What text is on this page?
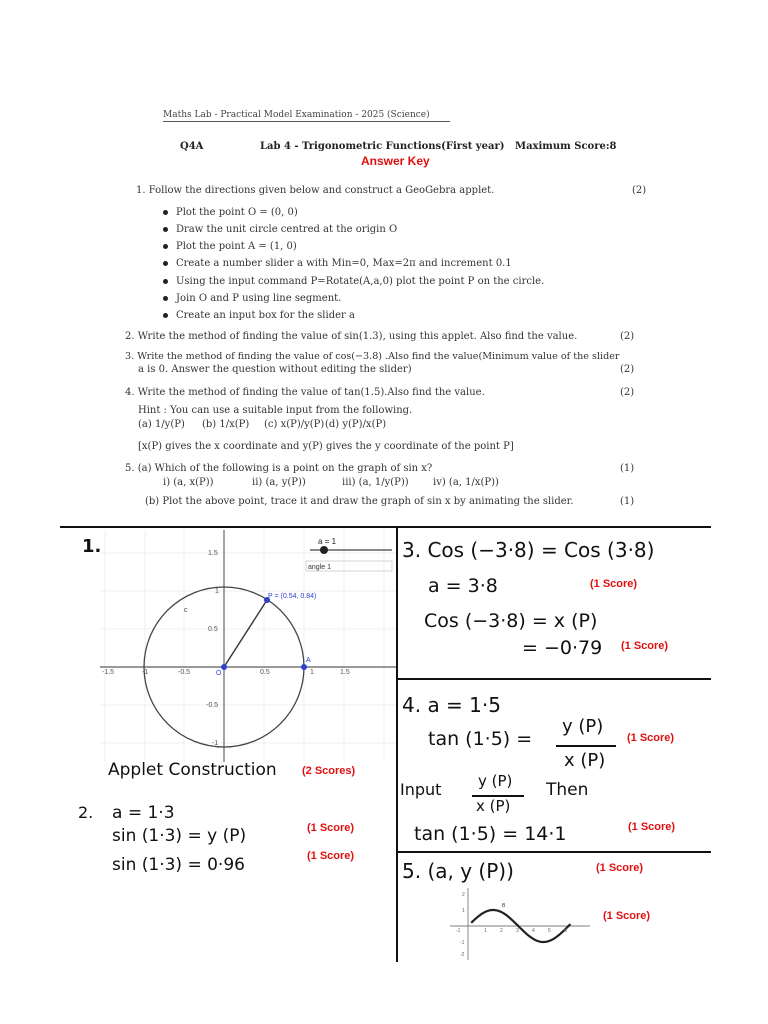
Maths Lab - Practical Model Examination - 2025 (Science)
Q4A	Lab 4 - Trigonometric Functions(First year) Maximum Score:8
Answer Key
1. Follow the directions given below and construct a GeoGebra applet.	(2)
Plot the point O = (0, 0)
Draw the unit circle centred at the origin O
Plot the point A = (1, 0)
Create a number slider a with Min=0, Max=2π and increment 0.1
Using the input command P=Rotate(A,a,0) plot the point P on the circle.
Join O and P using line segment.
Create an input box for the slider a
2. Write the method of finding the value of sin(1.3), using this applet. Also find the value.	(2)
3. Write the method of finding the value of cos(−3.8) .Also find the value(Minimum value of the slider
a is 0. Answer the question without editing the slider)	(2)
4. Write the method of finding the value of tan(1.5).Also find the value.	(2)
Hint : You can use a suitable input from the following.
(a) 1/y(P) (b) 1/x(P) (c) x(P)/y(P) (d) y(P)/x(P)
[x(P) gives the x coordinate and y(P) gives the y coordinate of the point P]
5. (a) Which of the following is a point on the graph of sin x?	(1)
i) (a, x(P))	ii) (a, y(P))	iii) (a, 1/y(P)) iv) (a, 1/x(P))
(b) Plot the above point, trace it and draw the graph of sin x by animating the slider.	(1)
1.
-1.5	-1	-0.5	0.5	1	1.5
1.5
1
0.5
-0.5
-1
P = (0.54, 0.84)
A
O
c
a = 1
angle 1
Applet Construction (2 Scores)
2. a = 1·3
sin (1·3) = y (P)
sin (1·3) = 0·96
(1 Score)
(1 Score)
3. Cos (−3·8) = Cos (3·8)
a = 3·8	(1 Score)
Cos (−3·8) = x (P)
= −0·79 (1 Score)
4. a = 1·5
tan (1·5) =
y (P)
x (P)
(1 Score)
Input y (P)
x (P)
Then
tan (1·5) = 14·1	(1 Score)
5. (a, y (P))	(1 Score)
(1 Score)
-1	1	2	3	4	5	6
2
1
-1
-2
B
